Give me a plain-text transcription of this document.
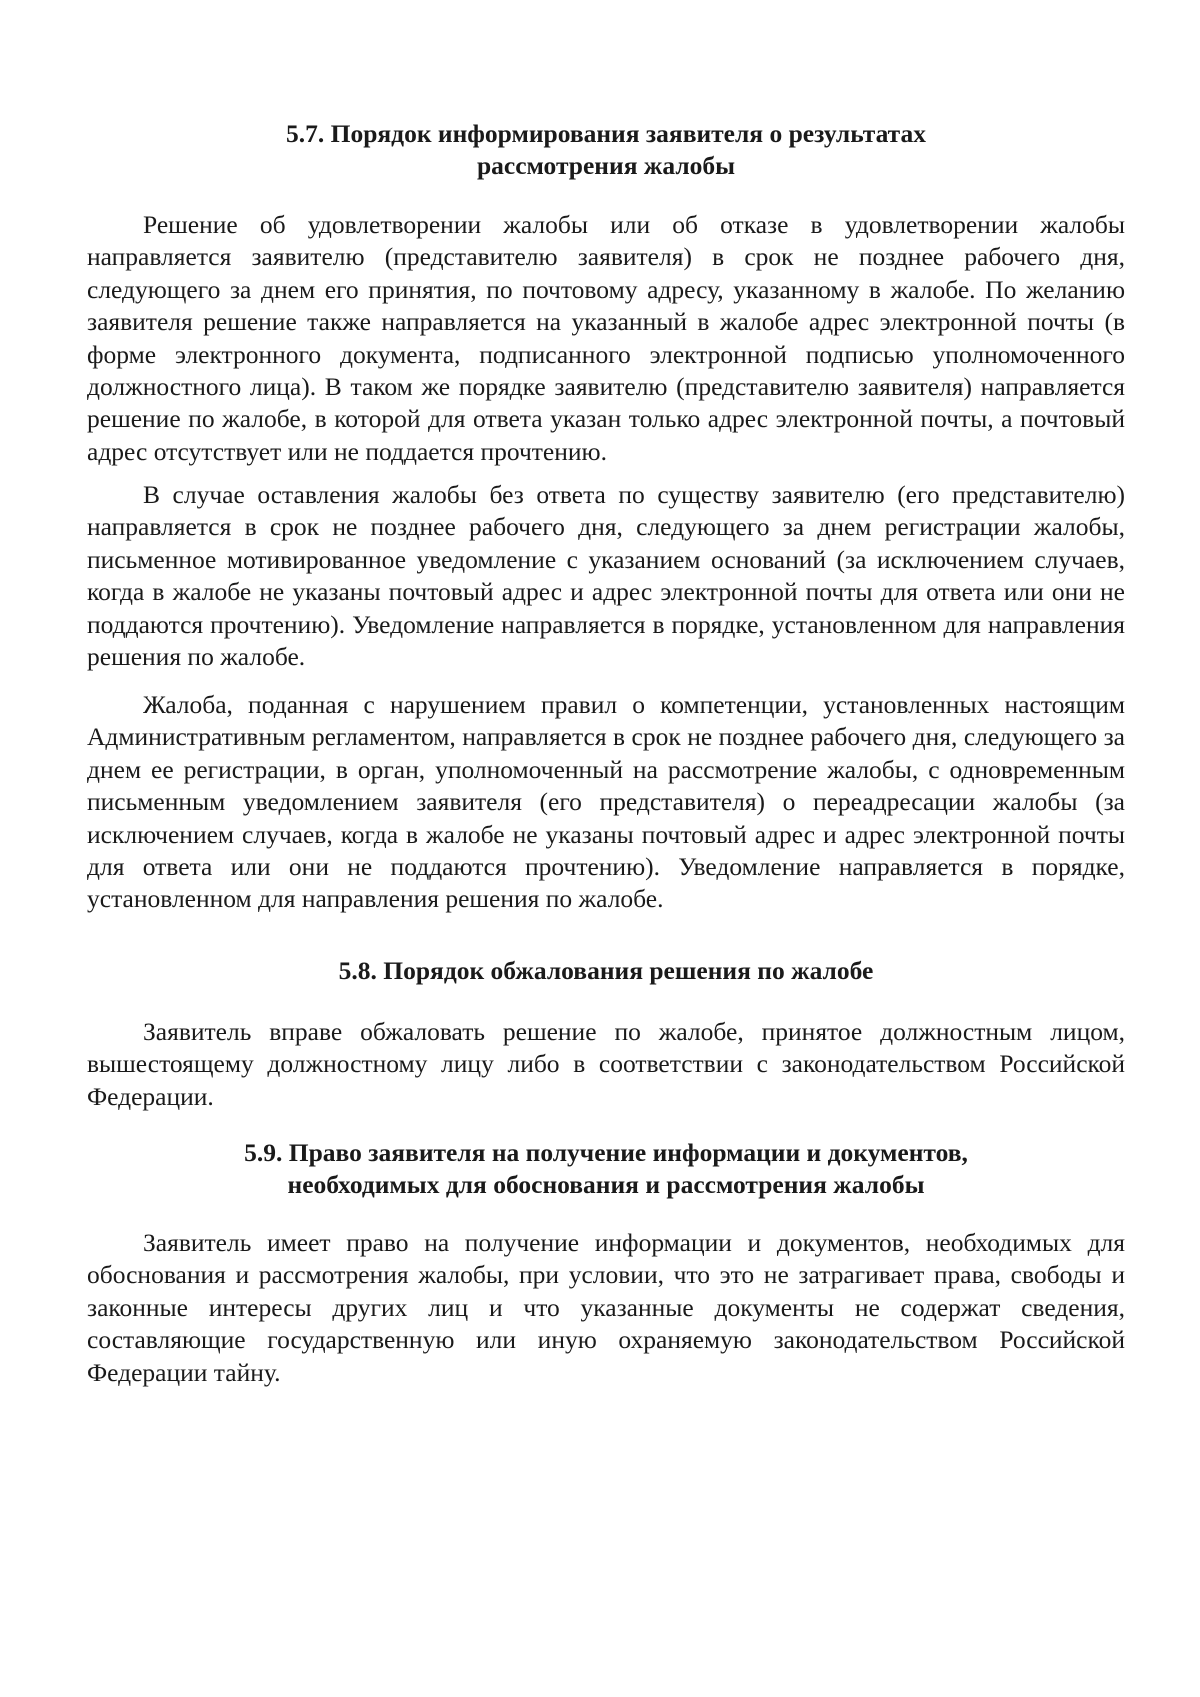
5.7. Порядок информирования заявителя о результатах
рассмотрения жалобы

Решение об удовлетворении жалобы или об отказе в удовлетворении жалобы направляется заявителю (представителю заявителя) в срок не позднее рабочего дня, следующего за днем его принятия, по почтовому адресу, указанному в жалобе. По желанию заявителя решение также направляется на указанный в жалобе адрес электронной почты (в форме электронного документа, подписанного электронной подписью уполномоченного должностного лица). В таком же порядке заявителю (представителю заявителя) направляется решение по жалобе, в которой для ответа указан только адрес электронной почты, а почтовый адрес отсутствует или не поддается прочтению.

В случае оставления жалобы без ответа по существу заявителю (его представителю) направляется в срок не позднее рабочего дня, следующего за днем регистрации жалобы, письменное мотивированное уведомление с указанием оснований (за исключением случаев, когда в жалобе не указаны почтовый адрес и адрес электронной почты для ответа или они не поддаются прочтению). Уведомление направляется в порядке, установленном для направления решения по жалобе.

Жалоба, поданная с нарушением правил о компетенции, установленных настоящим Административным регламентом, направляется в срок не позднее рабочего дня, следующего за днем ее регистрации, в орган, уполномоченный на рассмотрение жалобы, с одновременным письменным уведомлением заявителя (его представителя) о переадресации жалобы (за исключением случаев, когда в жалобе не указаны почтовый адрес и адрес электронной почты для ответа или они не поддаются прочтению). Уведомление направляется в порядке, установленном для направления решения по жалобе.

5.8. Порядок обжалования решения по жалобе

Заявитель вправе обжаловать решение по жалобе, принятое должностным лицом, вышестоящему должностному лицу либо в соответствии с законодательством Российской Федерации.

5.9. Право заявителя на получение информации и документов,
необходимых для обоснования и рассмотрения жалобы

Заявитель имеет право на получение информации и документов, необходимых для обоснования и рассмотрения жалобы, при условии, что это не затрагивает права, свободы и законные интересы других лиц и что указанные документы не содержат сведения, составляющие государственную или иную охраняемую законодательством Российской Федерации тайну.
